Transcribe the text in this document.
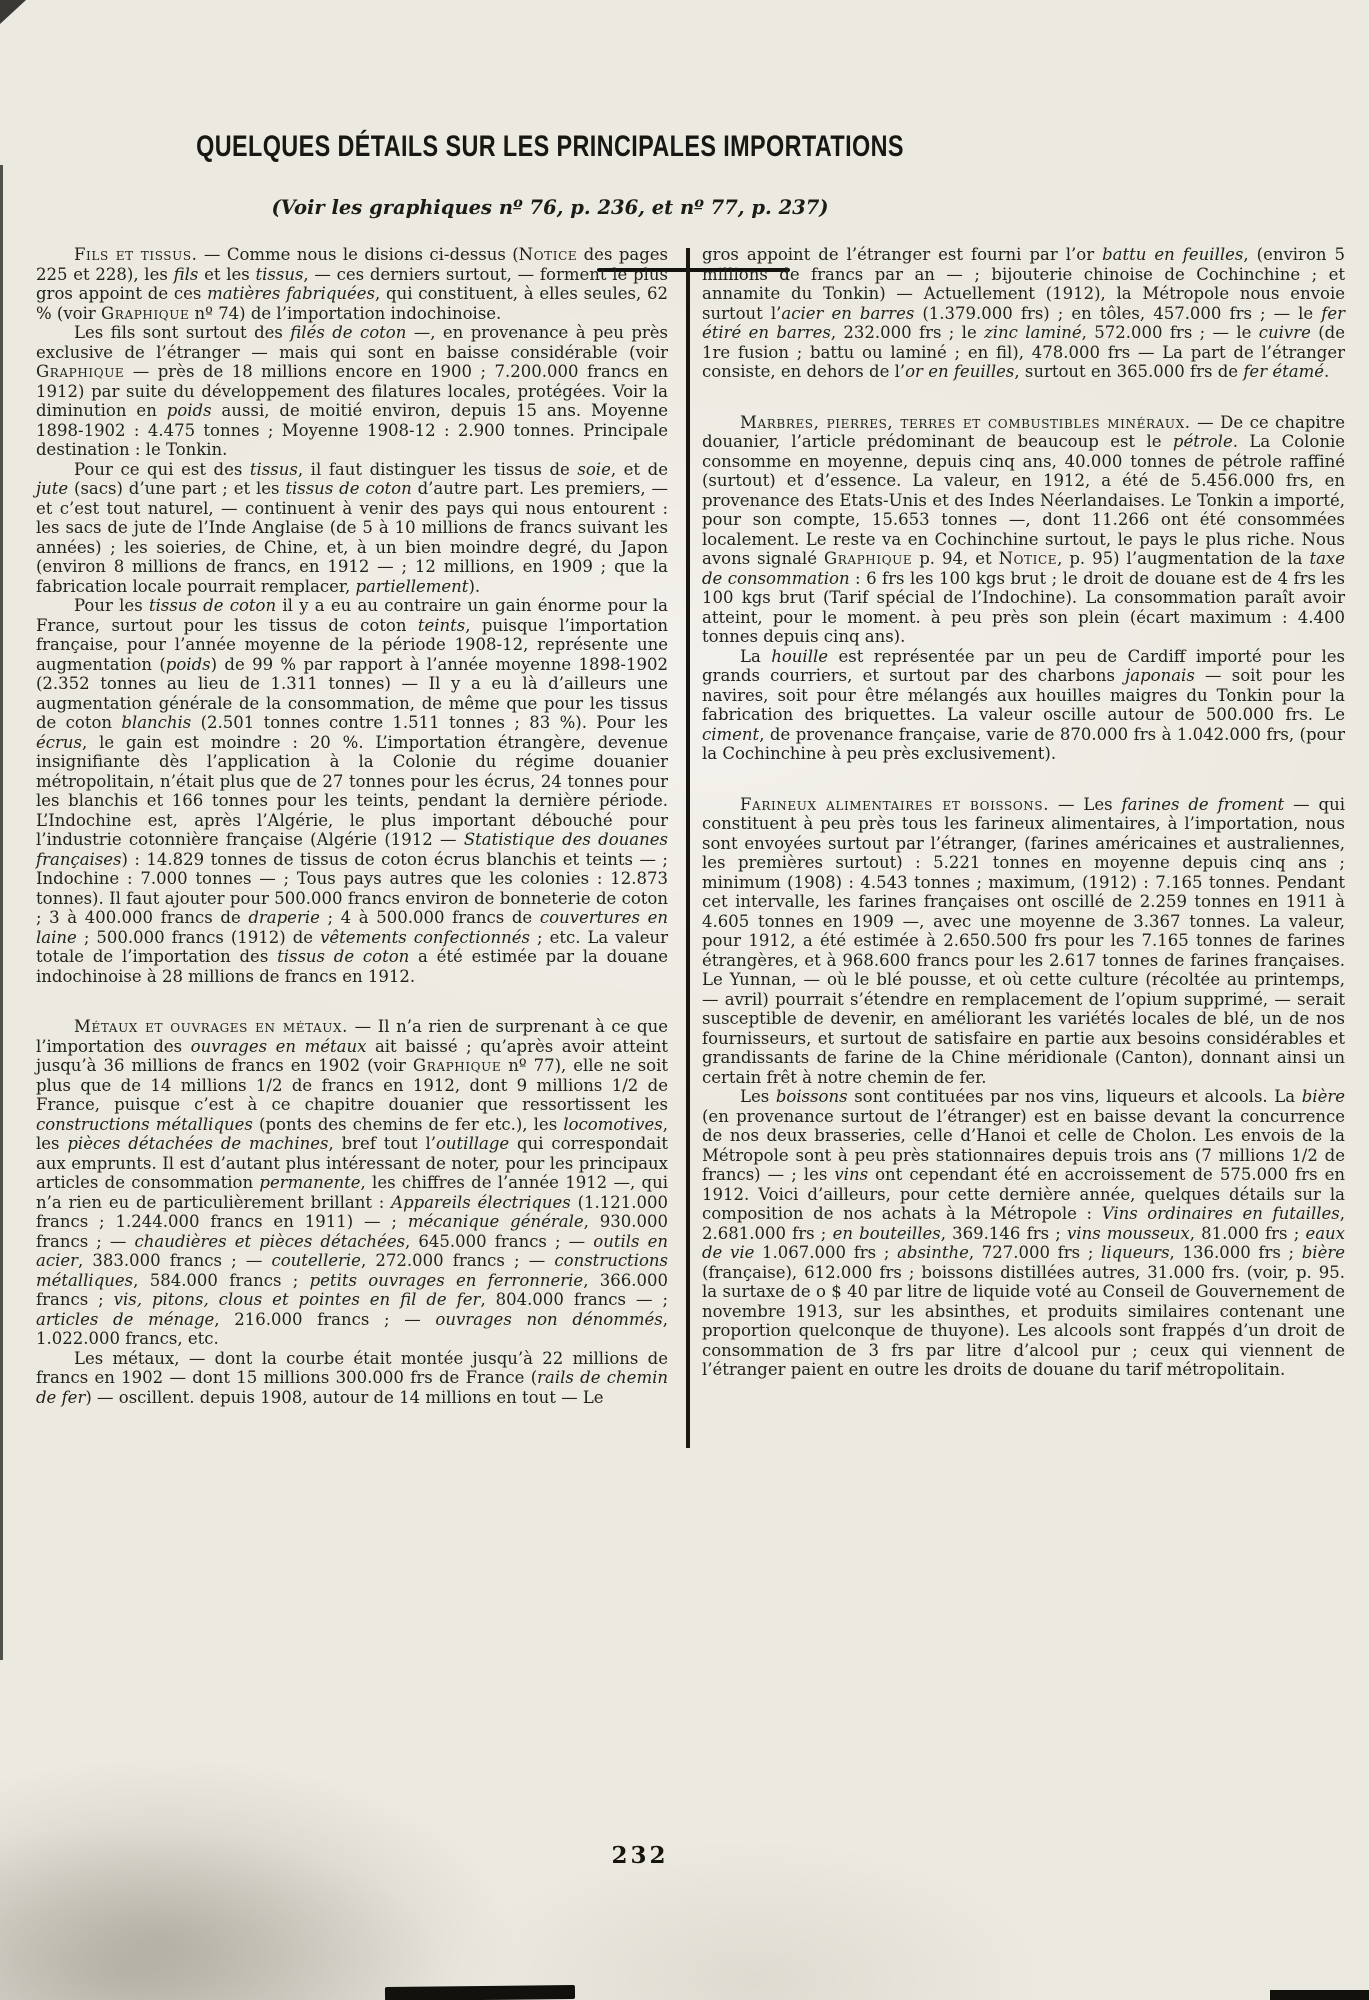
QUELQUES DÉTAILS SUR LES PRINCIPALES IMPORTATIONS
(Voir les graphiques nº 76, p. 236, et nº 77, p. 237)

Fils et tissus. — Comme nous le disions ci-dessus (Notice des pages 225 et 228), les fils et les tissus, — ces derniers surtout, — forment le plus gros appoint de ces matières fabriquées, qui constituent, à elles seules, 62 % (voir Graphique nº 74) de l’importation indochinoise.

Les fils sont surtout des filés de coton —, en provenance à peu près exclusive de l’étranger — mais qui sont en baisse considérable (voir Graphique — près de 18 millions encore en 1900 ; 7.200.000 francs en 1912) par suite du développement des filatures locales, protégées. Voir la diminution en poids aussi, de moitié environ, depuis 15 ans. Moyenne 1898-1902 : 4.475 tonnes ; Moyenne 1908-12 : 2.900 tonnes. Principale destination : le Tonkin.

Pour ce qui est des tissus, il faut distinguer les tissus de soie, et de jute (sacs) d’une part ; et les tissus de coton d’autre part. Les premiers, — et c’est tout naturel, — continuent à venir des pays qui nous entourent : les sacs de jute de l’Inde Anglaise (de 5 à 10 millions de francs suivant les années) ; les soieries, de Chine, et, à un bien moindre degré, du Japon (environ 8 millions de francs, en 1912 — ; 12 millions, en 1909 ; que la fabrication locale pourrait remplacer, partiellement).

Pour les tissus de coton il y a eu au contraire un gain énorme pour la France, surtout pour les tissus de coton teints, puisque l’importation française, pour l’année moyenne de la période 1908-12, représente une augmentation (poids) de 99 % par rapport à l’année moyenne 1898-1902 (2.352 tonnes au lieu de 1.311 tonnes) — Il y a eu là d’ailleurs une augmentation générale de la consommation, de même que pour les tissus de coton blanchis (2.501 tonnes contre 1.511 tonnes ; 83 %). Pour les écrus, le gain est moindre : 20 %. L’importation étrangère, devenue insignifiante dès l’application à la Colonie du régime douanier métropolitain, n’était plus que de 27 tonnes pour les écrus, 24 tonnes pour les blanchis et 166 tonnes pour les teints, pendant la dernière période. L’Indochine est, après l’Algérie, le plus important débouché pour l’industrie cotonnière française (Algérie (1912 — Statistique des douanes françaises) : 14.829 tonnes de tissus de coton écrus blanchis et teints — ; Indochine : 7.000 tonnes — ; Tous pays autres que les colonies : 12.873 tonnes). Il faut ajouter pour 500.000 francs environ de bonneterie de coton ; 3 à 400.000 francs de draperie ; 4 à 500.000 francs de couvertures en laine ; 500.000 francs (1912) de vêtements confectionnés ; etc. La valeur totale de l’importation des tissus de coton a été estimée par la douane indochinoise à 28 millions de francs en 1912.

Métaux et ouvrages en métaux. — Il n’a rien de surprenant à ce que l’importation des ouvrages en métaux ait baissé ; qu’après avoir atteint jusqu’à 36 millions de francs en 1902 (voir Graphique nº 77), elle ne soit plus que de 14 millions 1/2 de francs en 1912, dont 9 millions 1/2 de France, puisque c’est à ce chapitre douanier que ressortissent les constructions métalliques (ponts des chemins de fer etc.), les locomotives, les pièces détachées de machines, bref tout l’outillage qui correspondait aux emprunts. Il est d’autant plus intéressant de noter, pour les principaux articles de consommation permanente, les chiffres de l’année 1912 —, qui n’a rien eu de particulièrement brillant : Appareils électriques (1.121.000 francs ; 1.244.000 francs en 1911) — ; mécanique générale, 930.000 francs ; — chaudières et pièces détachées, 645.000 francs ; — outils en acier, 383.000 francs ; — coutellerie, 272.000 francs ; — constructions métalliques, 584.000 francs ; petits ouvrages en ferronnerie, 366.000 francs ; vis, pitons, clous et pointes en fil de fer, 804.000 francs — ; articles de ménage, 216.000 francs ; — ouvrages non dénommés, 1.022.000 francs, etc.

Les métaux, — dont la courbe était montée jusqu’à 22 millions de francs en 1902 — dont 15 millions 300.000 frs de France (rails de chemin de fer) — oscillent. depuis 1908, autour de 14 millions en tout — Le

gros appoint de l’étranger est fourni par l’or battu en feuilles, (environ 5 millions de francs par an — ; bijouterie chinoise de Cochinchine ; et annamite du Tonkin) — Actuellement (1912), la Métropole nous envoie surtout l’acier en barres (1.379.000 frs) ; en tôles, 457.000 frs ; — le fer étiré en barres, 232.000 frs ; le zinc laminé, 572.000 frs ; — le cuivre (de 1re fusion ; battu ou laminé ; en fil), 478.000 frs — La part de l’étranger consiste, en dehors de l’or en feuilles, surtout en 365.000 frs de fer étamé.

Marbres, pierres, terres et combustibles minéraux. — De ce chapitre douanier, l’article prédominant de beaucoup est le pétrole. La Colonie consomme en moyenne, depuis cinq ans, 40.000 tonnes de pétrole raffiné (surtout) et d’essence. La valeur, en 1912, a été de 5.456.000 frs, en provenance des Etats-Unis et des Indes Néerlandaises. Le Tonkin a importé, pour son compte, 15.653 tonnes —, dont 11.266 ont été consommées localement. Le reste va en Cochinchine surtout, le pays le plus riche. Nous avons signalé Graphique p. 94, et Notice, p. 95) l’augmentation de la taxe de consommation : 6 frs les 100 kgs brut ; le droit de douane est de 4 frs les 100 kgs brut (Tarif spécial de l’Indochine). La consommation paraît avoir atteint, pour le moment. à peu près son plein (écart maximum : 4.400 tonnes depuis cinq ans).

La houille est représentée par un peu de Cardiff importé pour les grands courriers, et surtout par des charbons japonais — soit pour les navires, soit pour être mélangés aux houilles maigres du Tonkin pour la fabrication des briquettes. La valeur oscille autour de 500.000 frs. Le ciment, de provenance française, varie de 870.000 frs à 1.042.000 frs, (pour la Cochinchine à peu près exclusivement).

Farineux alimentaires et boissons. — Les farines de froment — qui constituent à peu près tous les farineux alimentaires, à l’importation, nous sont envoyées surtout par l’étranger, (farines américaines et australiennes, les premières surtout) : 5.221 tonnes en moyenne depuis cinq ans ; minimum (1908) : 4.543 tonnes ; maximum, (1912) : 7.165 tonnes. Pendant cet intervalle, les farines françaises ont oscillé de 2.259 tonnes en 1911 à 4.605 tonnes en 1909 —, avec une moyenne de 3.367 tonnes. La valeur, pour 1912, a été estimée à 2.650.500 frs pour les 7.165 tonnes de farines étrangères, et à 968.600 francs pour les 2.617 tonnes de farines françaises. Le Yunnan, — où le blé pousse, et où cette culture (récoltée au printemps, — avril) pourrait s’étendre en remplacement de l’opium supprimé, — serait susceptible de devenir, en améliorant les variétés locales de blé, un de nos fournisseurs, et surtout de satisfaire en partie aux besoins considérables et grandissants de farine de la Chine méridionale (Canton), donnant ainsi un certain frêt à notre chemin de fer.

Les boissons sont contituées par nos vins, liqueurs et alcools. La bière (en provenance surtout de l’étranger) est en baisse devant la concurrence de nos deux brasseries, celle d’Hanoi et celle de Cholon. Les envois de la Métropole sont à peu près stationnaires depuis trois ans (7 millions 1/2 de francs) — ; les vins ont cependant été en accroissement de 575.000 frs en 1912. Voici d’ailleurs, pour cette dernière année, quelques détails sur la composition de nos achats à la Métropole : Vins ordinaires en futailles, 2.681.000 frs ; en bouteilles, 369.146 frs ; vins mousseux, 81.000 frs ; eaux de vie 1.067.000 frs ; absinthe, 727.000 frs ; liqueurs, 136.000 frs ; bière (française), 612.000 frs ; boissons distillées autres, 31.000 frs. (voir, p. 95. la surtaxe de o $ 40 par litre de liquide voté au Conseil de Gouvernement de novembre 1913, sur les absinthes, et produits similaires contenant une proportion quelconque de thuyone). Les alcools sont frappés d’un droit de consommation de 3 frs par litre d’alcool pur ; ceux qui viennent de l’étranger paient en outre les droits de douane du tarif métropolitain.

232
